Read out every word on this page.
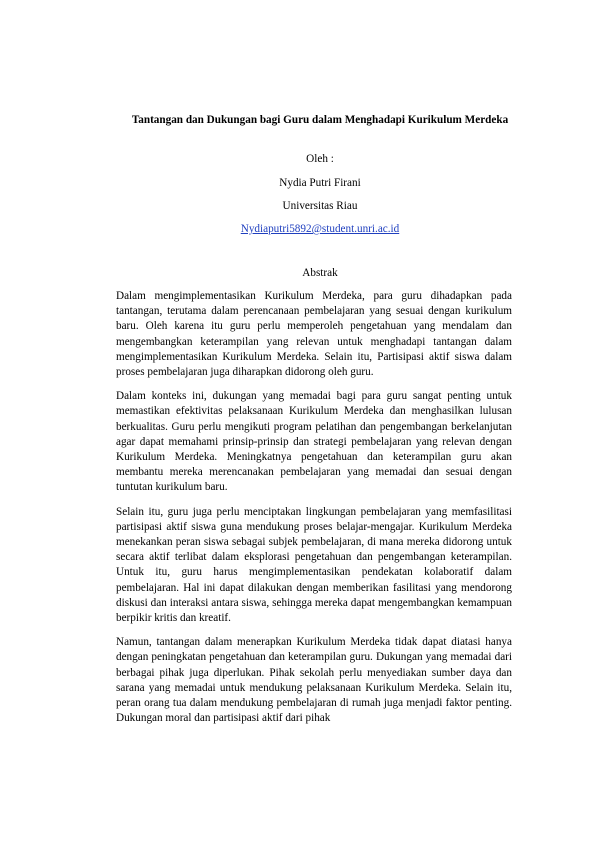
Tantangan dan Dukungan bagi Guru dalam Menghadapi Kurikulum Merdeka

Oleh :

Nydia Putri Firani

Universitas Riau

Nydiaputri5892@student.unri.ac.id

Abstrak

Dalam mengimplementasikan Kurikulum Merdeka, para guru dihadapkan pada tantangan, terutama dalam perencanaan pembelajaran yang sesuai dengan kurikulum baru. Oleh karena itu guru perlu memperoleh pengetahuan yang mendalam dan mengembangkan keterampilan yang relevan untuk menghadapi tantangan dalam mengimplementasikan Kurikulum Merdeka. Selain itu, Partisipasi aktif siswa dalam proses pembelajaran juga diharapkan didorong oleh guru.

Dalam konteks ini, dukungan yang memadai bagi para guru sangat penting untuk memastikan efektivitas pelaksanaan Kurikulum Merdeka dan menghasilkan lulusan berkualitas. Guru perlu mengikuti program pelatihan dan pengembangan berkelanjutan agar dapat memahami prinsip-prinsip dan strategi pembelajaran yang relevan dengan Kurikulum Merdeka. Meningkatnya pengetahuan dan keterampilan guru akan membantu mereka merencanakan pembelajaran yang memadai dan sesuai dengan tuntutan kurikulum baru.

Selain itu, guru juga perlu menciptakan lingkungan pembelajaran yang memfasilitasi partisipasi aktif siswa guna mendukung proses belajar-mengajar. Kurikulum Merdeka menekankan peran siswa sebagai subjek pembelajaran, di mana mereka didorong untuk secara aktif terlibat dalam eksplorasi pengetahuan dan pengembangan keterampilan. Untuk itu, guru harus mengimplementasikan pendekatan kolaboratif dalam pembelajaran. Hal ini dapat dilakukan dengan memberikan fasilitasi yang mendorong diskusi dan interaksi antara siswa, sehingga mereka dapat mengembangkan kemampuan berpikir kritis dan kreatif.

Namun, tantangan dalam menerapkan Kurikulum Merdeka tidak dapat diatasi hanya dengan peningkatan pengetahuan dan keterampilan guru. Dukungan yang memadai dari berbagai pihak juga diperlukan. Pihak sekolah perlu menyediakan sumber daya dan sarana yang memadai untuk mendukung pelaksanaan Kurikulum Merdeka. Selain itu, peran orang tua dalam mendukung pembelajaran di rumah juga menjadi faktor penting. Dukungan moral dan partisipasi aktif dari pihak
